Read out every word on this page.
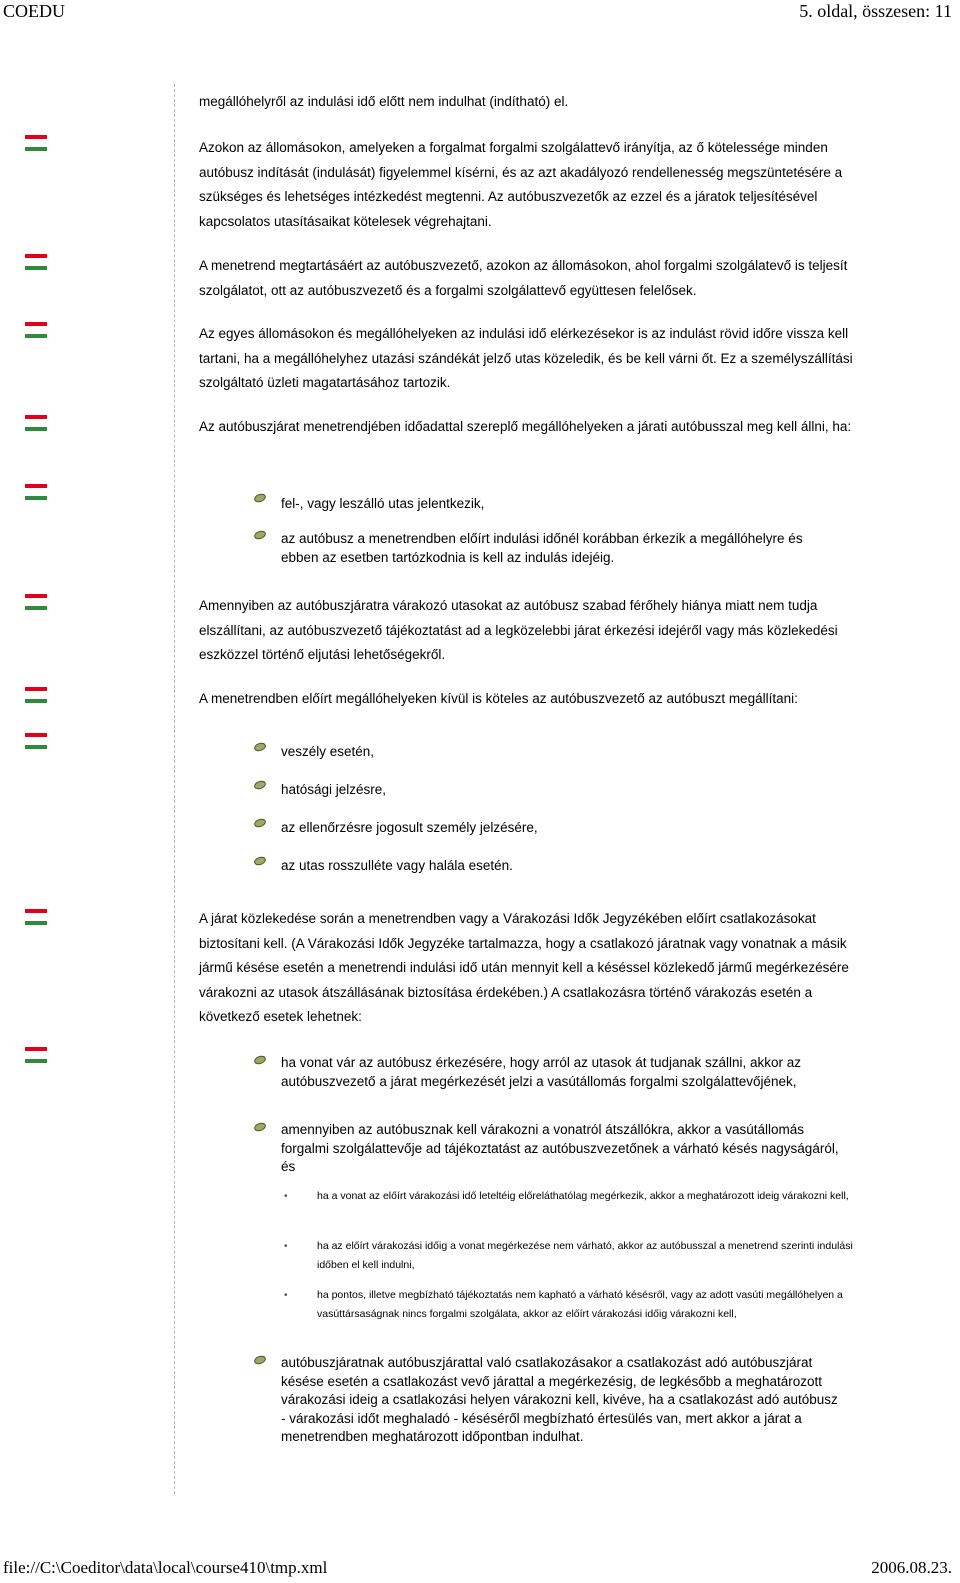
COEDU	5. oldal, összesen: 11
megállóhelyről az indulási idő előtt nem indulhat (indítható) el.
Azokon az állomásokon, amelyeken a forgalmat forgalmi szolgálattevő irányítja, az ő kötelessége minden autóbusz indítását (indulását) figyelemmel kísérni, és az azt akadályozó rendellenesség megszüntetésére a szükséges és lehetséges intézkedést megtenni. Az autóbuszvezetők az ezzel és a járatok teljesítésével kapcsolatos utasításaikat kötelesek végrehajtani.
A menetrend megtartásáért az autóbuszvezető, azokon az állomásokon, ahol forgalmi szolgálatevő is teljesít szolgálatot, ott az autóbuszvezető és a forgalmi szolgálattevő együttesen felelősek.
Az egyes állomásokon és megállóhelyeken az indulási idő elérkezésekor is az indulást rövid időre vissza kell tartani, ha a megállóhelyhez utazási szándékát jelző utas közeledik, és be kell várni őt. Ez a személyszállítási szolgáltató üzleti magatartásához tartozik.
Az autóbuszjárat menetrendjében időadattal szereplő megállóhelyeken a járati autóbusszal meg kell állni, ha:
fel-, vagy leszálló utas jelentkezik,
az autóbusz a menetrendben előírt indulási időnél korábban érkezik a megállóhelyre és ebben az esetben tartózkodnia is kell az indulás idejéig.
Amennyiben az autóbuszjáratra várakozó utasokat az autóbusz szabad férőhely hiánya miatt nem tudja elszállítani, az autóbuszvezető tájékoztatást ad a legközelebbi járat érkezési idejéről vagy más közlekedési eszközzel történő eljutási lehetőségekről.
A menetrendben előírt megállóhelyeken kívül is köteles az autóbuszvezető az autóbuszt megállítani:
veszély esetén,
hatósági jelzésre,
az ellenőrzésre jogosult személy jelzésére,
az utas rosszulléte vagy halála esetén.
A járat közlekedése során a menetrendben vagy a Várakozási Idők Jegyzékében előírt csatlakozásokat biztosítani kell. (A Várakozási Idők Jegyzéke tartalmazza, hogy a csatlakozó járatnak vagy vonatnak a másik jármű késése esetén a menetrendi indulási idő után mennyit kell a késéssel közlekedő jármű megérkezésére várakozni az utasok átszállásának biztosítása érdekében.) A csatlakozásra történő várakozás esetén a következő esetek lehetnek:
ha vonat vár az autóbusz érkezésére, hogy arról az utasok át tudjanak szállni, akkor az autóbuszvezető a járat megérkezését jelzi a vasútállomás forgalmi szolgálattevőjének,
amennyiben az autóbusznak kell várakozni a vonatról átszállókra, akkor a vasútállomás forgalmi szolgálattevője ad tájékoztatást az autóbuszvezetőnek a várható késés nagyságáról, és
•	ha a vonat az előírt várakozási idő leteltéig előreláthatólag megérkezik, akkor a meghatározott ideig várakozni kell,
•	ha az előírt várakozási időig a vonat megérkezése nem várható, akkor az autóbusszal a menetrend szerinti indulási időben el kell indulni,
•	ha pontos, illetve megbízható tájékoztatás nem kapható a várható késésről, vagy az adott vasúti megállóhelyen a vasúttársaságnak nincs forgalmi szolgálata, akkor az előírt várakozási időig várakozni kell,
autóbuszjáratnak autóbuszjárattal való csatlakozásakor a csatlakozást adó autóbuszjárat késése esetén a csatlakozást vevő járattal a megérkezésig, de legkésőbb a meghatározott várakozási ideig a csatlakozási helyen várakozni kell, kivéve, ha a csatlakozást adó autóbusz - várakozási időt meghaladó - késéséről megbízható értesülés van, mert akkor a járat a menetrendben meghatározott időpontban indulhat.
file://C:\Coeditor\data\local\course410\tmp.xml	2006.08.23.
